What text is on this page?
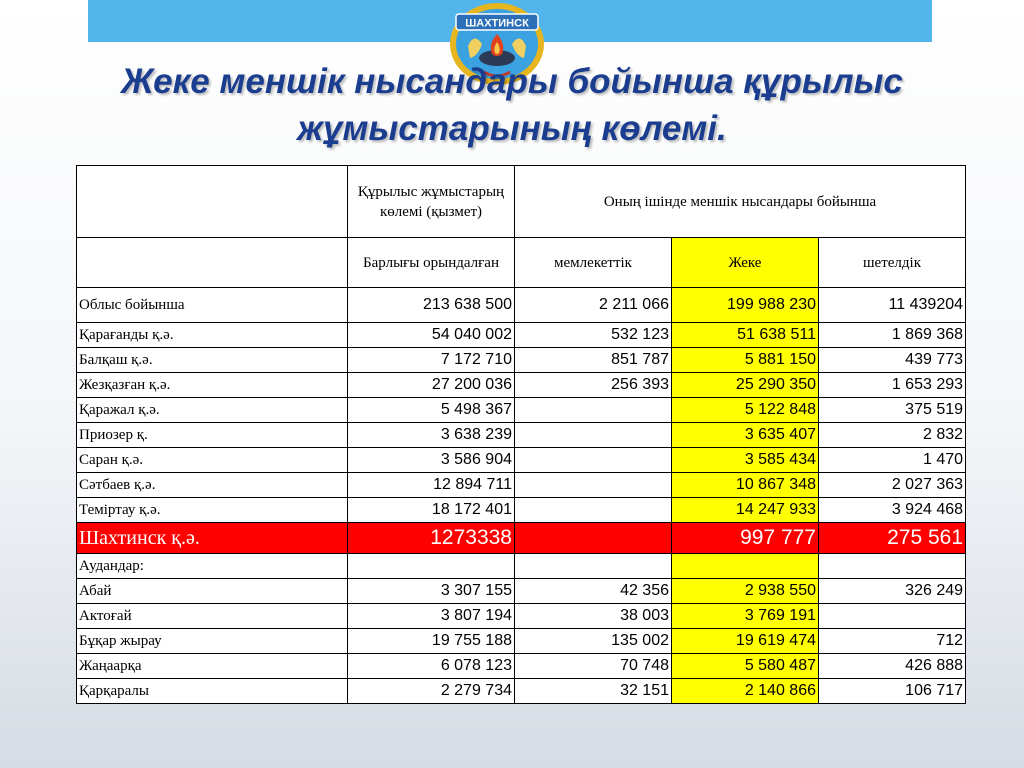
ШАХТИНСК
Жеке меншік нысандары бойынша құрылыс
жұмыстарының көлемі.
	Құрылыс жұмыстарың көлемі (қызмет)	Оның ішінде меншік нысандары бойынша		
	Барлығы орындалған	мемлекеттік	Жеке	шетелдік
Облыс бойынша	213 638 500	2 211 066	199 988 230	11 439204
Қарағанды қ.ә.	54 040 002	532 123	51 638 511	1 869 368
Балқаш қ.ә.	7 172 710	851 787	5 881 150	439 773
Жезқазған қ.ә.	27 200 036	256 393	25 290 350	1 653 293
Қаражал қ.ә.	5 498 367		5 122 848	375 519
Приозер қ.	3 638 239		3 635 407	2 832
Саран қ.ә.	3 586 904		3 585 434	1 470
Сәтбаев қ.ә.	12 894 711		10 867 348	2 027 363
Теміртау қ.ә.	18 172 401		14 247 933	3 924 468
Шахтинск қ.ә.	1273338		997 777	275 561
Аудандар:				
Абай	3 307 155	42 356	2 938 550	326 249
Актоғай	3 807 194	38 003	3 769 191	
Бұқар жырау	19 755 188	135 002	19 619 474	712
Жаңаарқа	6 078 123	70 748	5 580 487	426 888
Қарқаралы	2 279 734	32 151	2 140 866	106 717
